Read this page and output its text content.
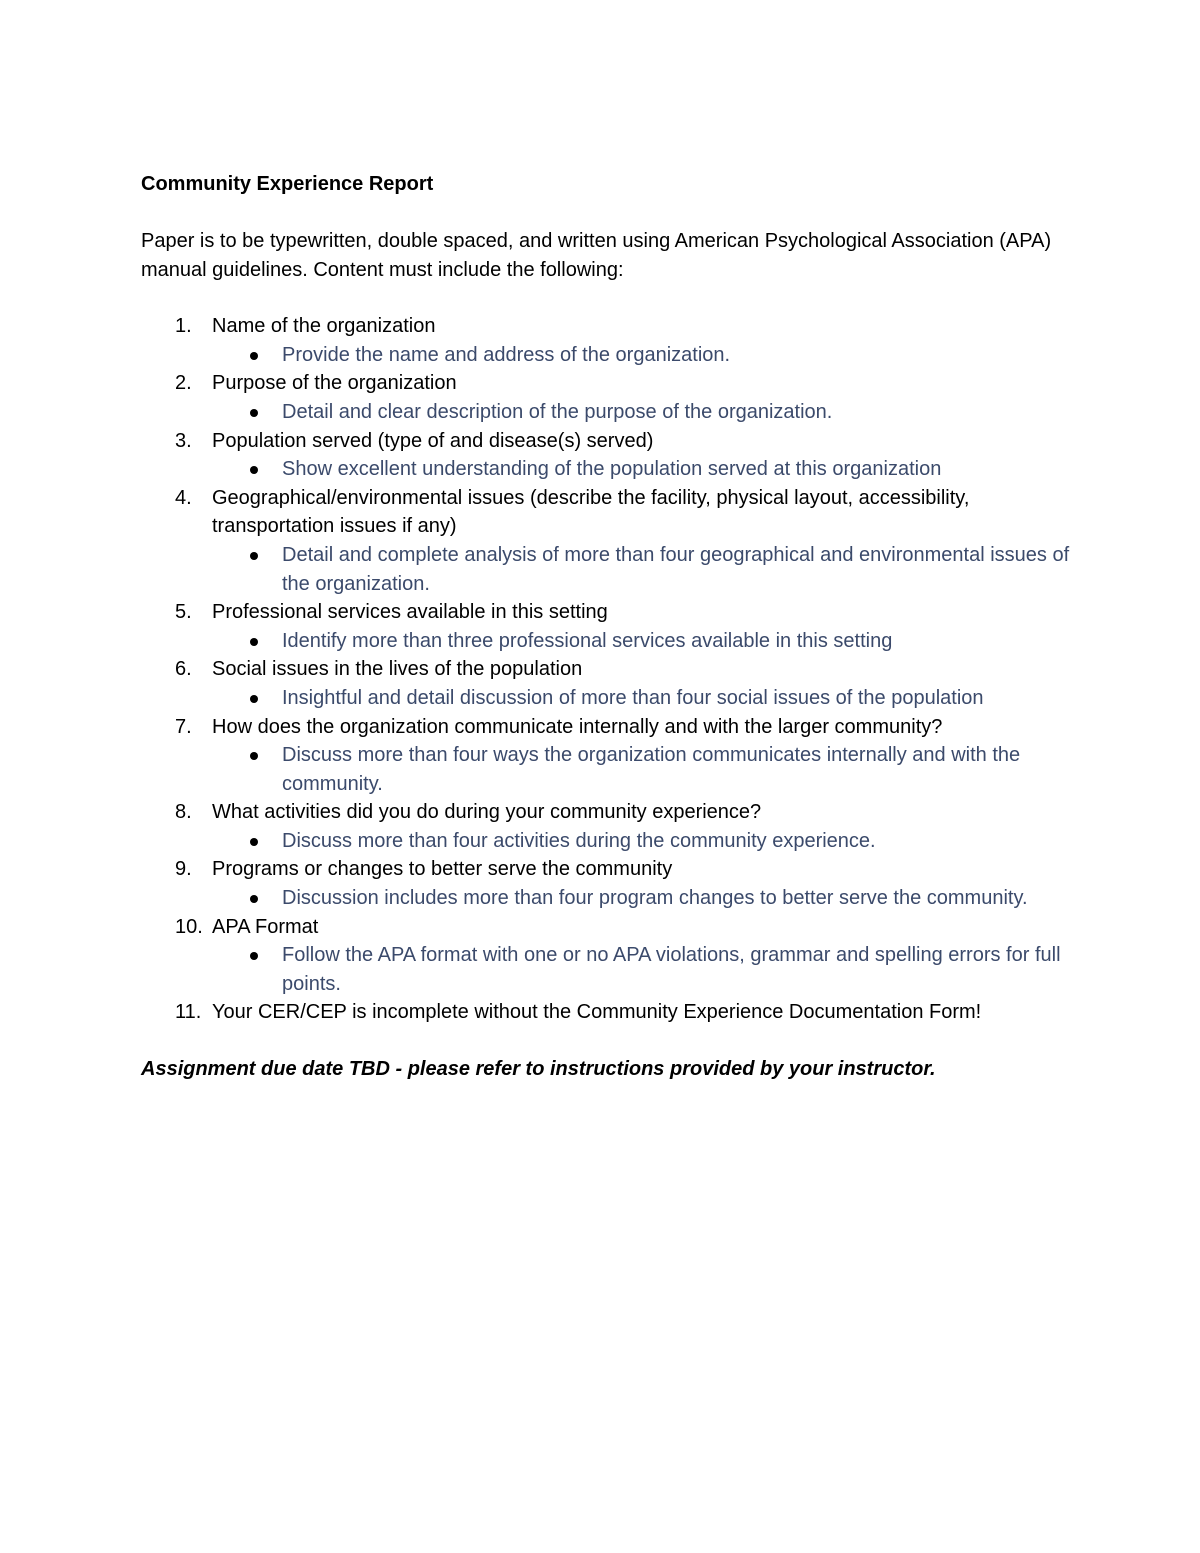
Community Experience Report

Paper is to be typewritten, double spaced, and written using American Psychological Association (APA) manual guidelines. Content must include the following:

1. Name of the organization
Provide the name and address of the organization.
2. Purpose of the organization
Detail and clear description of the purpose of the organization.
3. Population served (type of and disease(s) served)
Show excellent understanding of the population served at this organization
4. Geographical/environmental issues (describe the facility, physical layout, accessibility, transportation issues if any)
Detail and complete analysis of more than four geographical and environmental issues of the organization.
5. Professional services available in this setting
Identify more than three professional services available in this setting
6. Social issues in the lives of the population
Insightful and detail discussion of more than four social issues of the population
7. How does the organization communicate internally and with the larger community?
Discuss more than four ways the organization communicates internally and with the community.
8. What activities did you do during your community experience?
Discuss more than four activities during the community experience.
9. Programs or changes to better serve the community
Discussion includes more than four program changes to better serve the community.
10. APA Format
Follow the APA format with one or no APA violations, grammar and spelling errors for full points.
11. Your CER/CEP is incomplete without the Community Experience Documentation Form!

Assignment due date TBD - please refer to instructions provided by your instructor.
